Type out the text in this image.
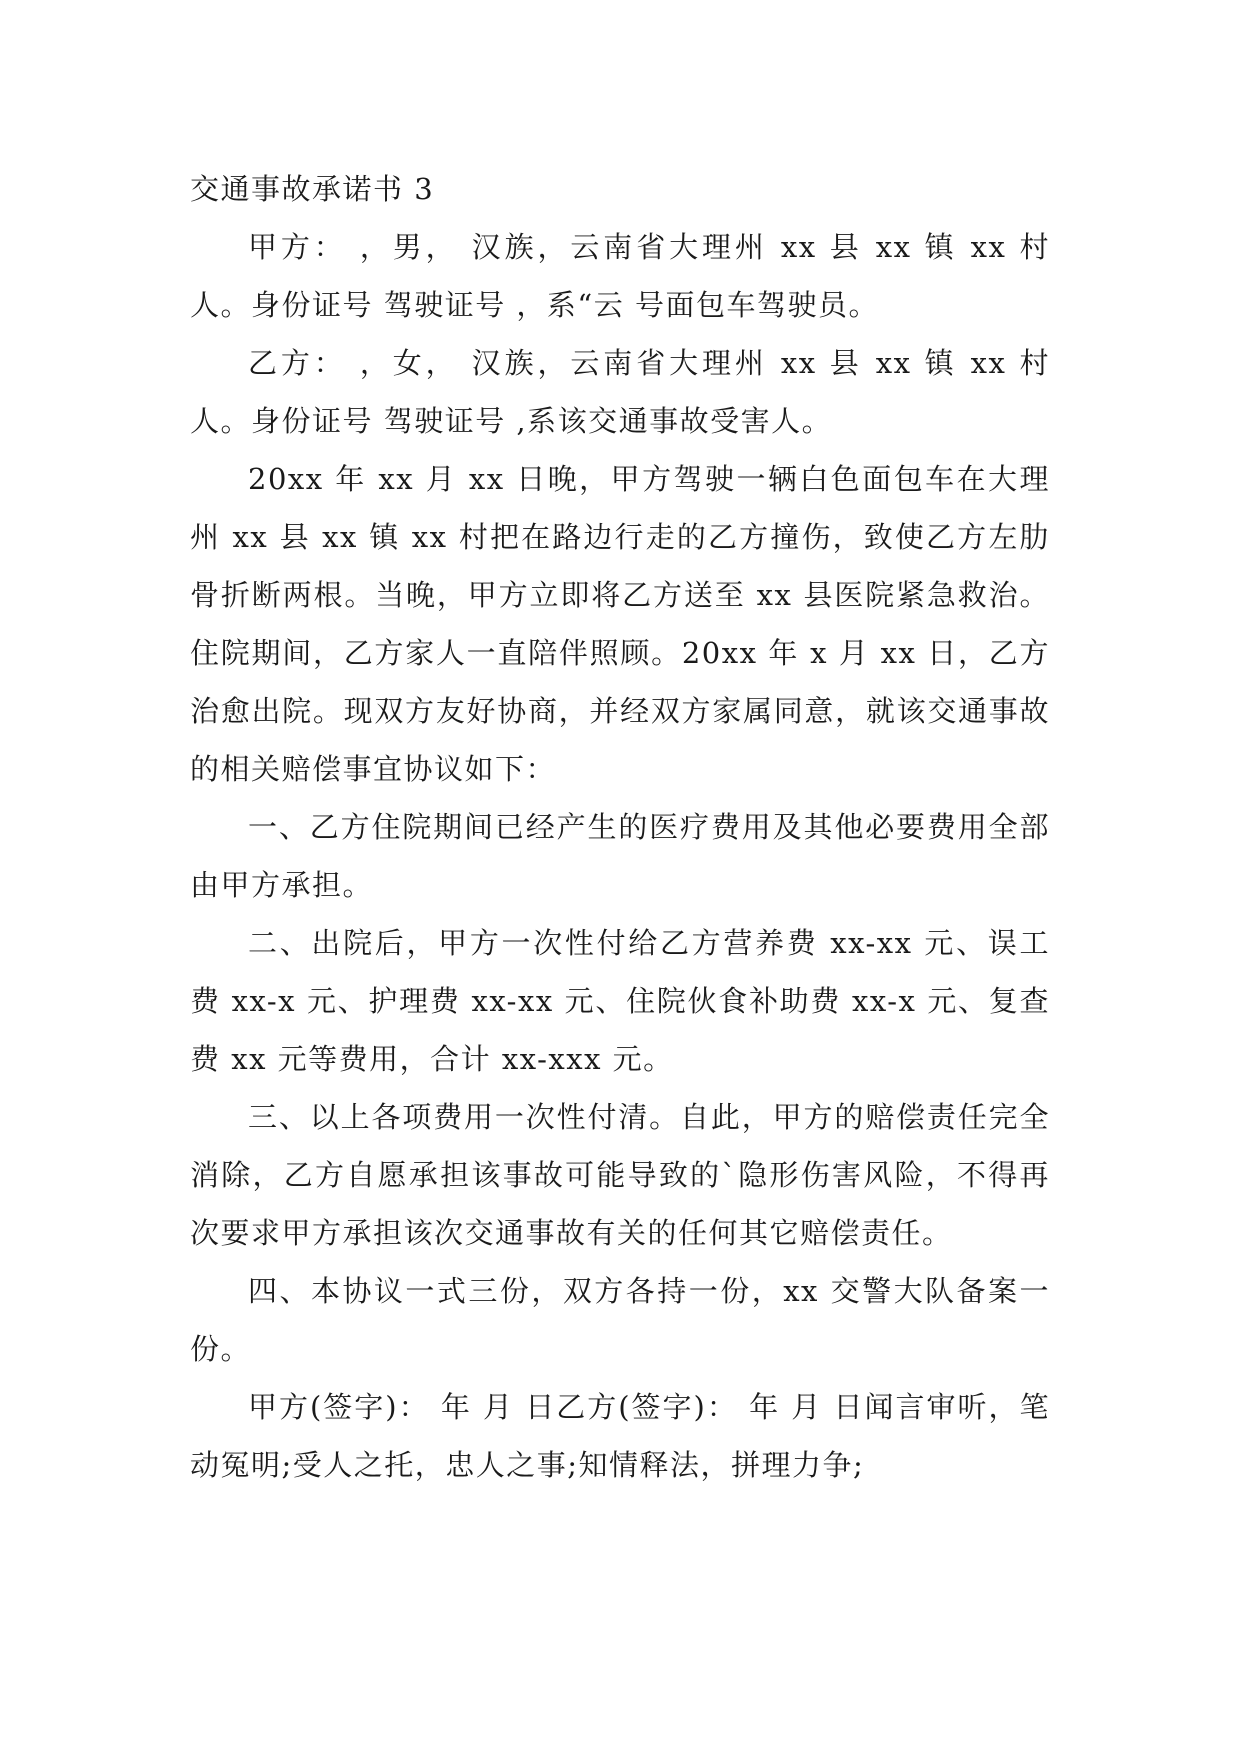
交通事故承诺书 3

甲方： ，男， 汉族，云南省大理州 xx 县 xx 镇 xx 村人。身份证号 驾驶证号 ，系“云 号面包车驾驶员。

乙方： ，女， 汉族，云南省大理州 xx 县 xx 镇 xx 村人。身份证号 驾驶证号 ,系该交通事故受害人。

20xx 年 xx 月 xx 日晚，甲方驾驶一辆白色面包车在大理州 xx 县 xx 镇 xx 村把在路边行走的乙方撞伤，致使乙方左肋骨折断两根。当晚，甲方立即将乙方送至 xx 县医院紧急救治。住院期间，乙方家人一直陪伴照顾。20xx 年 x 月 xx 日，乙方治愈出院。现双方友好协商，并经双方家属同意，就该交通事故的相关赔偿事宜协议如下：

一、乙方住院期间已经产生的医疗费用及其他必要费用全部由甲方承担。

二、出院后，甲方一次性付给乙方营养费 xx-xx 元、误工费 xx-x 元、护理费 xx-xx 元、住院伙食补助费 xx-x 元、复查费 xx 元等费用，合计 xx-xxx 元。

三、以上各项费用一次性付清。自此，甲方的赔偿责任完全消除，乙方自愿承担该事故可能导致的`隐形伤害风险，不得再次要求甲方承担该次交通事故有关的任何其它赔偿责任。

四、本协议一式三份，双方各持一份，xx 交警大队备案一份。

甲方(签字)： 年 月 日乙方(签字)： 年 月 日闻言审听，笔动冤明;受人之托，忠人之事;知情释法，拼理力争;
